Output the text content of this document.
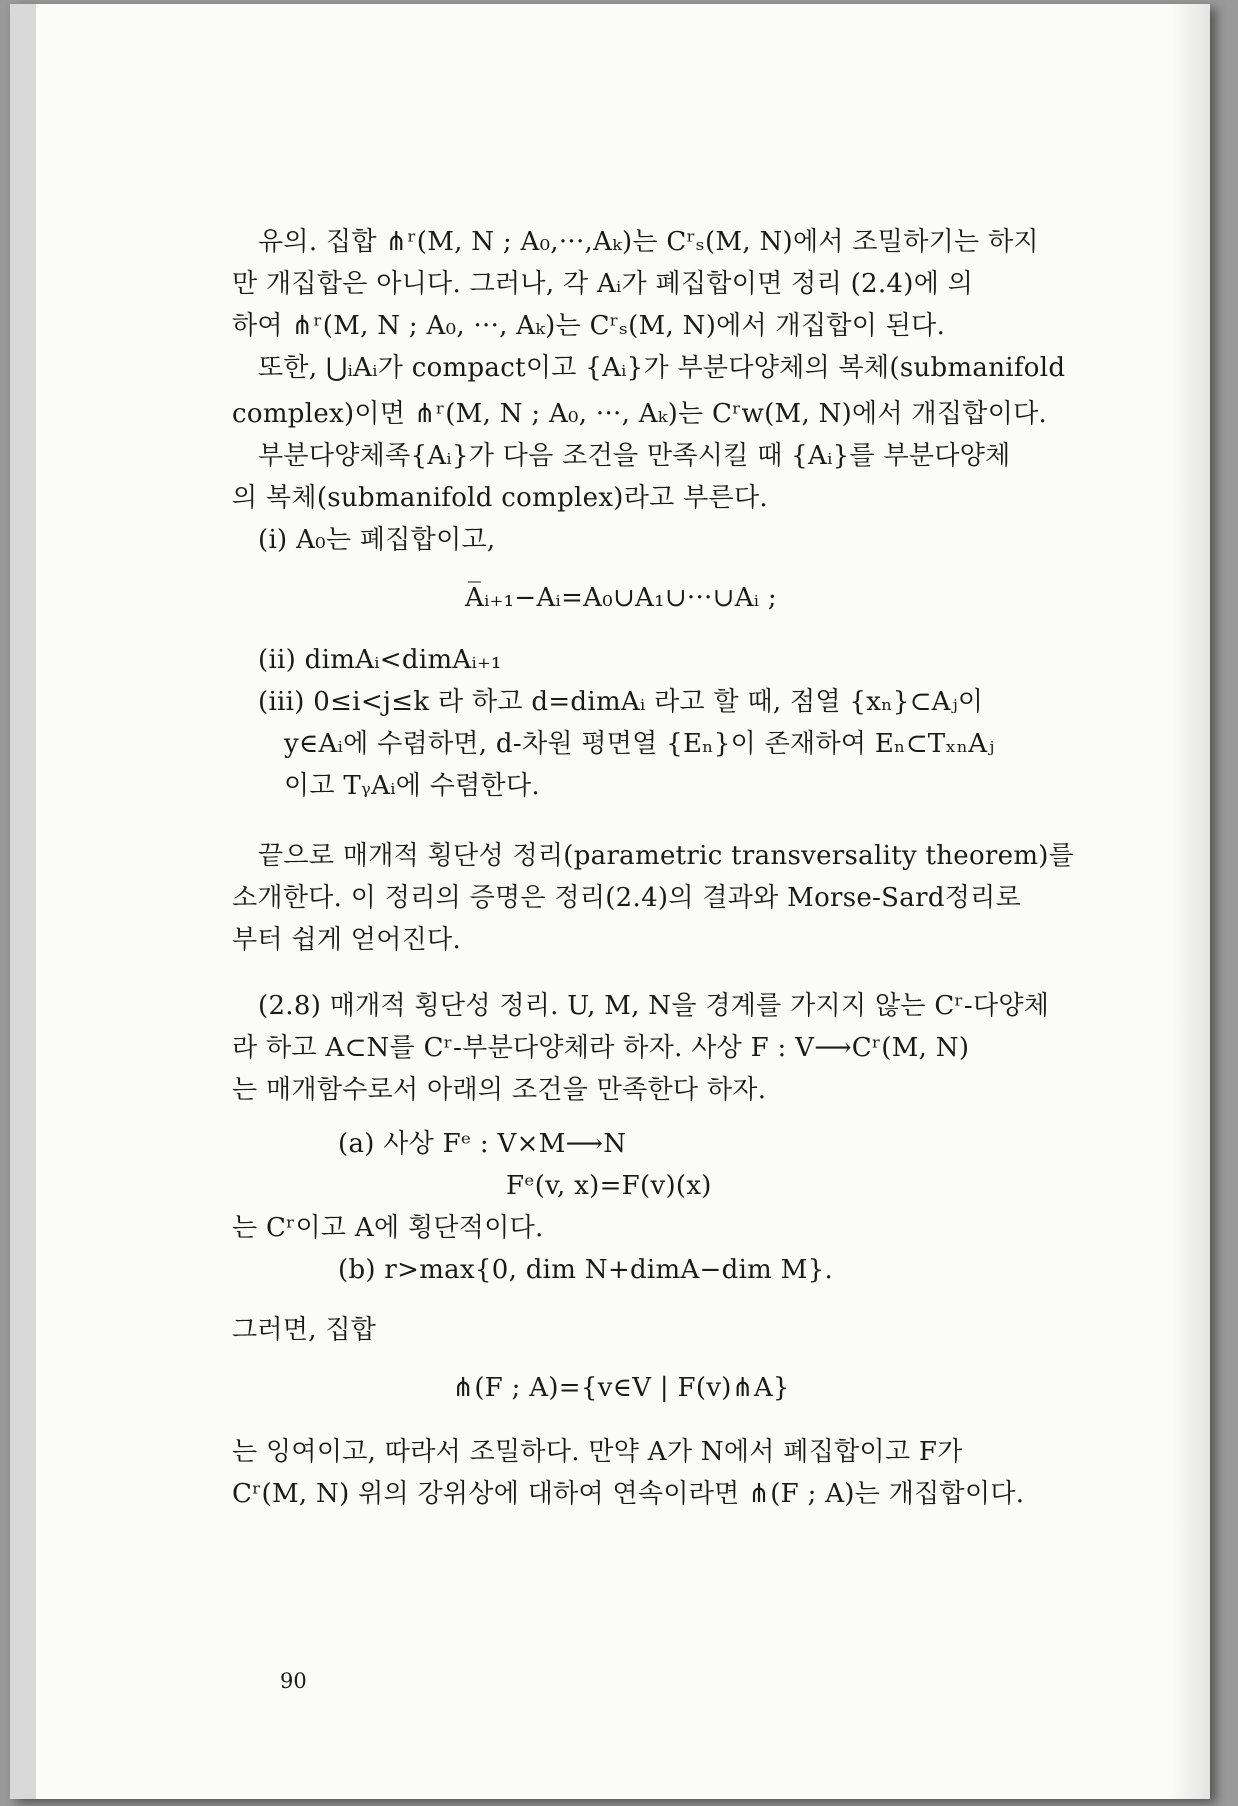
유의. 집합 ⋔ʳ(M, N ; A₀,···,Aₖ)는 Cʳₛ(M, N)에서 조밀하기는 하지
만 개집합은 아니다. 그러나, 각 Aᵢ가 폐집합이면 정리 (2.4)에 의
하여 ⋔ʳ(M, N ; A₀, ···, Aₖ)는 Cʳₛ(M, N)에서 개집합이 된다.
또한, ⋃ᵢAᵢ가 compact이고 {Aᵢ}가 부분다양체의 복체(submanifold
complex)이면 ⋔ʳ(M, N ; A₀, ···, Aₖ)는 Cʳw(M, N)에서 개집합이다.
부분다양체족{Aᵢ}가 다음 조건을 만족시킬 때 {Aᵢ}를 부분다양체
의 복체(submanifold complex)라고 부른다.
(i) A₀는 폐집합이고,
A̅ᵢ₊₁−Aᵢ=A₀∪A₁∪···∪Aᵢ ;
(ii) dimAᵢ<dimAᵢ₊₁
(iii) 0≤i<j≤k 라 하고 d=dimAᵢ 라고 할 때, 점열 {xₙ}⊂Aⱼ이
y∈Aᵢ에 수렴하면, d-차원 평면열 {Eₙ}이 존재하여 Eₙ⊂TₓₙAⱼ
이고 TᵧAᵢ에 수렴한다.
끝으로 매개적 횡단성 정리(parametric transversality theorem)를
소개한다. 이 정리의 증명은 정리(2.4)의 결과와 Morse-Sard정리로
부터 쉽게 얻어진다.
(2.8) 매개적 횡단성 정리. U, M, N을 경계를 가지지 않는 Cʳ-다양체
라 하고 A⊂N를 Cʳ-부분다양체라 하자. 사상 F : V⟶Cʳ(M, N)
는 매개함수로서 아래의 조건을 만족한다 하자.
(a) 사상 Fᵉ : V×M⟶N
Fᵉ(v, x)=F(v)(x)
는 Cʳ이고 A에 횡단적이다.
(b) r>max{0, dim N+dimA−dim M}.
그러면, 집합
⋔(F ; A)={v∈V | F(v)⋔A}
는 잉여이고, 따라서 조밀하다. 만약 A가 N에서 폐집합이고 F가
Cʳ(M, N) 위의 강위상에 대하여 연속이라면 ⋔(F ; A)는 개집합이다.
90
